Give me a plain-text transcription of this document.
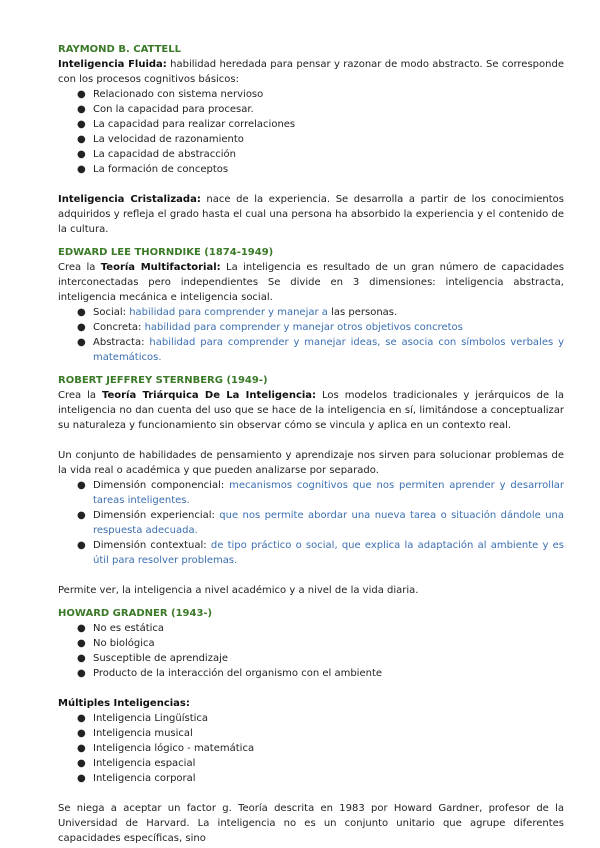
RAYMOND B. CATTELL

Inteligencia Fluida: habilidad heredada para pensar y razonar de modo abstracto. Se corresponde con los procesos cognitivos básicos:

● Relacionado con sistema nervioso
● Con la capacidad para procesar.
● La capacidad para realizar correlaciones
● La velocidad de razonamiento
● La capacidad de abstracción
● La formación de conceptos

Inteligencia Cristalizada: nace de la experiencia. Se desarrolla a partir de los conocimientos adquiridos y refleja el grado hasta el cual una persona ha absorbido la experiencia y el contenido de la cultura.

EDWARD LEE THORNDIKE (1874-1949)

Crea la Teoría Multifactorial: La inteligencia es resultado de un gran número de capacidades interconectadas pero independientes Se divide en 3 dimensiones: inteligencia abstracta, inteligencia mecánica e inteligencia social.

● Social: habilidad para comprender y manejar a las personas.
● Concreta: habilidad para comprender y manejar otros objetivos concretos
● Abstracta: habilidad para comprender y manejar ideas, se asocia con símbolos verbales y matemáticos.

ROBERT JEFFREY STERNBERG (1949-)

Crea la Teoría Triárquica De La Inteligencia: Los modelos tradicionales y jerárquicos de la inteligencia no dan cuenta del uso que se hace de la inteligencia en sí, limitándose a conceptualizar su naturaleza y funcionamiento sin observar cómo se vincula y aplica en un contexto real.

Un conjunto de habilidades de pensamiento y aprendizaje nos sirven para solucionar problemas de la vida real o académica y que pueden analizarse por separado.

● Dimensión componencial: mecanismos cognitivos que nos permiten aprender y desarrollar tareas inteligentes.
● Dimensión experiencial: que nos permite abordar una nueva tarea o situación dándole una respuesta adecuada.
● Dimensión contextual: de tipo práctico o social, que explica la adaptación al ambiente y es útil para resolver problemas.

Permite ver, la inteligencia a nivel académico y a nivel de la vida diaria.

HOWARD GRADNER (1943-)

● No es estática
● No biológica
● Susceptible de aprendizaje
● Producto de la interacción del organismo con el ambiente

Múltiples Inteligencias:

● Inteligencia Lingüística
● Inteligencia musical
● Inteligencia lógico - matemática
● Inteligencia espacial
● Inteligencia corporal

Se niega a aceptar un factor g. Teoría descrita en 1983 por Howard Gardner, profesor de la Universidad de Harvard. La inteligencia no es un conjunto unitario que agrupe diferentes capacidades específicas, sino
